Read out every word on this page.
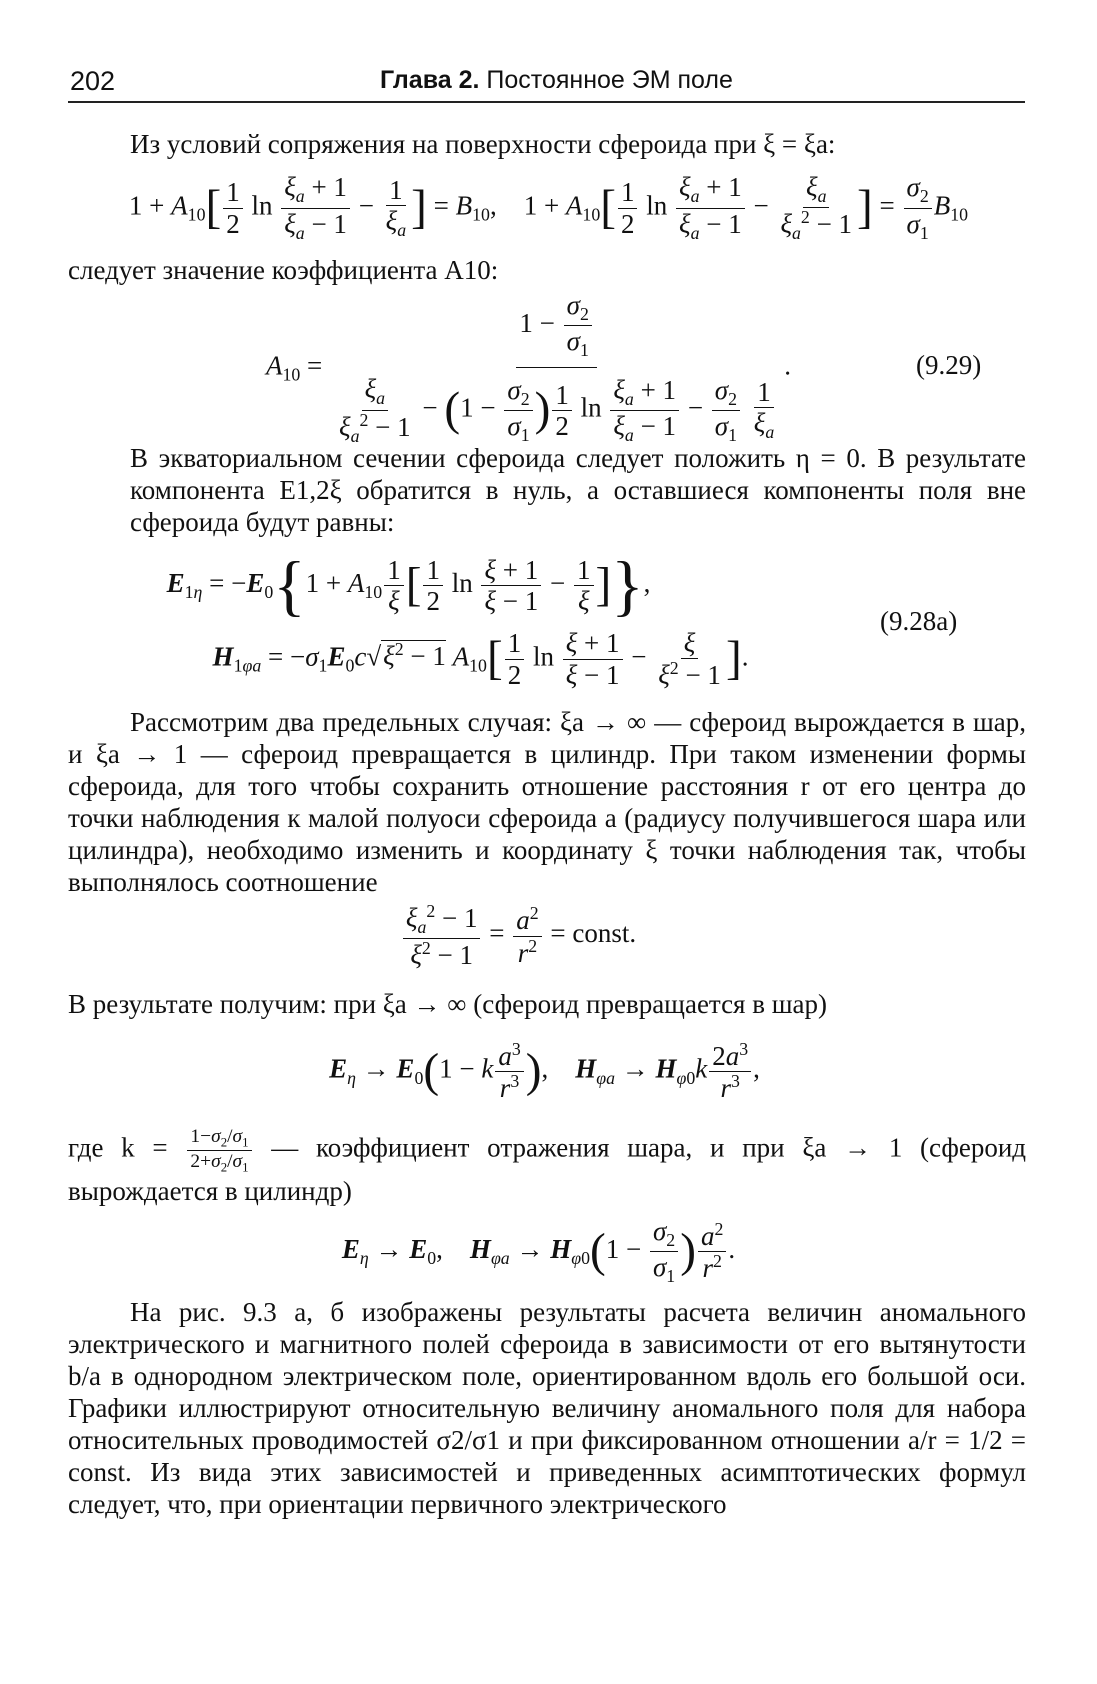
202	Глава 2. Постоянное ЭМ поле
Из условий сопряжения на поверхности сфероида при ξ = ξa:
$1 + A_{10}[ \frac{1}{2}$ $\ln \frac{\xi_a + 1}{\xi_a - 1} - \frac{1}{\xi_a}$ ] = $B_{10}$,    $1 + A_{10}[ \frac{1}{2}$ $\ln \frac{\xi_a + 1}{\xi_a - 1} - \frac{\xi_a}{\xi_a^2 - 1}$ ] = $\frac{\sigma_2}{\sigma_1} B_{10}$
следует значение коэффициента A10:
$A_{10}$ =
$1 - \frac{\sigma_2}{\sigma_1}$
$\frac{\xi_a}{\xi_a^2 - 1} - (1 - \frac{\sigma_2}{\sigma_1}$ ) $\frac{1}{2}$ $\ln \frac{\xi_a + 1}{\xi_a - 1} - \frac{\sigma_2}{\sigma_1}$
$\frac{1}{\xi_a}$
.	(9.29)
В экваториальном сечении сфероида следует положить η = 0. В результате компонента E1,2ξ обратится в нуль, а оставшиеся компоненты поля вне сфероида будут равны:
$E_{1\eta} = -E_0\{1 + A_{10} \frac{1}{\xi}$ [ $\frac{1}{2}$ $\ln \frac{\xi + 1}{\xi - 1} - \frac{1}{\xi}$ ]},
(9.28a)
$H_{1\varphi a} = -\sigma_1E_0c√\xi^2 - 1$ $A_{10}[ \frac{1}{2}$ $\ln \frac{\xi + 1}{\xi - 1} - \frac{\xi}{\xi^2 - 1}$ ].
Рассмотрим два предельных случая: ξa → ∞ — сфероид вырождается в шар, и ξa → 1 — сфероид превращается в цилиндр. При таком изменении формы сфероида, для того чтобы сохранить отношение расстояния r от его центра до точки наблюдения к малой полуоси сфероида a (радиусу получившегося шара или цилиндра), необходимо изменить и координату ξ точки наблюдения так, чтобы выполнялось соотношение
$\frac{\xi_a^2 - 1}{\xi^2 - 1} = \frac{a^2}{r^2}$ = const.
В результате получим: при ξa → ∞ (сфероид превращается в шар)
$E_\eta \to E_0(1 - k \frac{a^3}{r^3}$ ),    $H_{\varphi a} \to H_{\varphi 0}k \frac{2a^3}{r^3}$ ,
где $k = \frac{1-\sigma_2/\sigma_1}{2+\sigma_2/\sigma_1}$ — коэффициент отражения шара, и при ξa → 1 (сфероид вырождается в цилиндр)
$E_\eta \to E_0$,    $H_{\varphi a} \to H_{\varphi 0}(1 - \frac{\sigma_2}{\sigma_1}$ ) $\frac{a^2}{r^2}$ .
На рис. 9.3 a, б изображены результаты расчета величин аномального электрического и магнитного полей сфероида в зависимости от его вытянутости b/a в однородном электрическом поле, ориентированном вдоль его большой оси. Графики иллюстрируют относительную величину аномального поля для набора относительных проводимостей σ2/σ1 и при фиксированном отношении a/r = 1/2 = const. Из вида этих зависимостей и приведенных асимптотических формул следует, что, при ориентации первичного электрического
